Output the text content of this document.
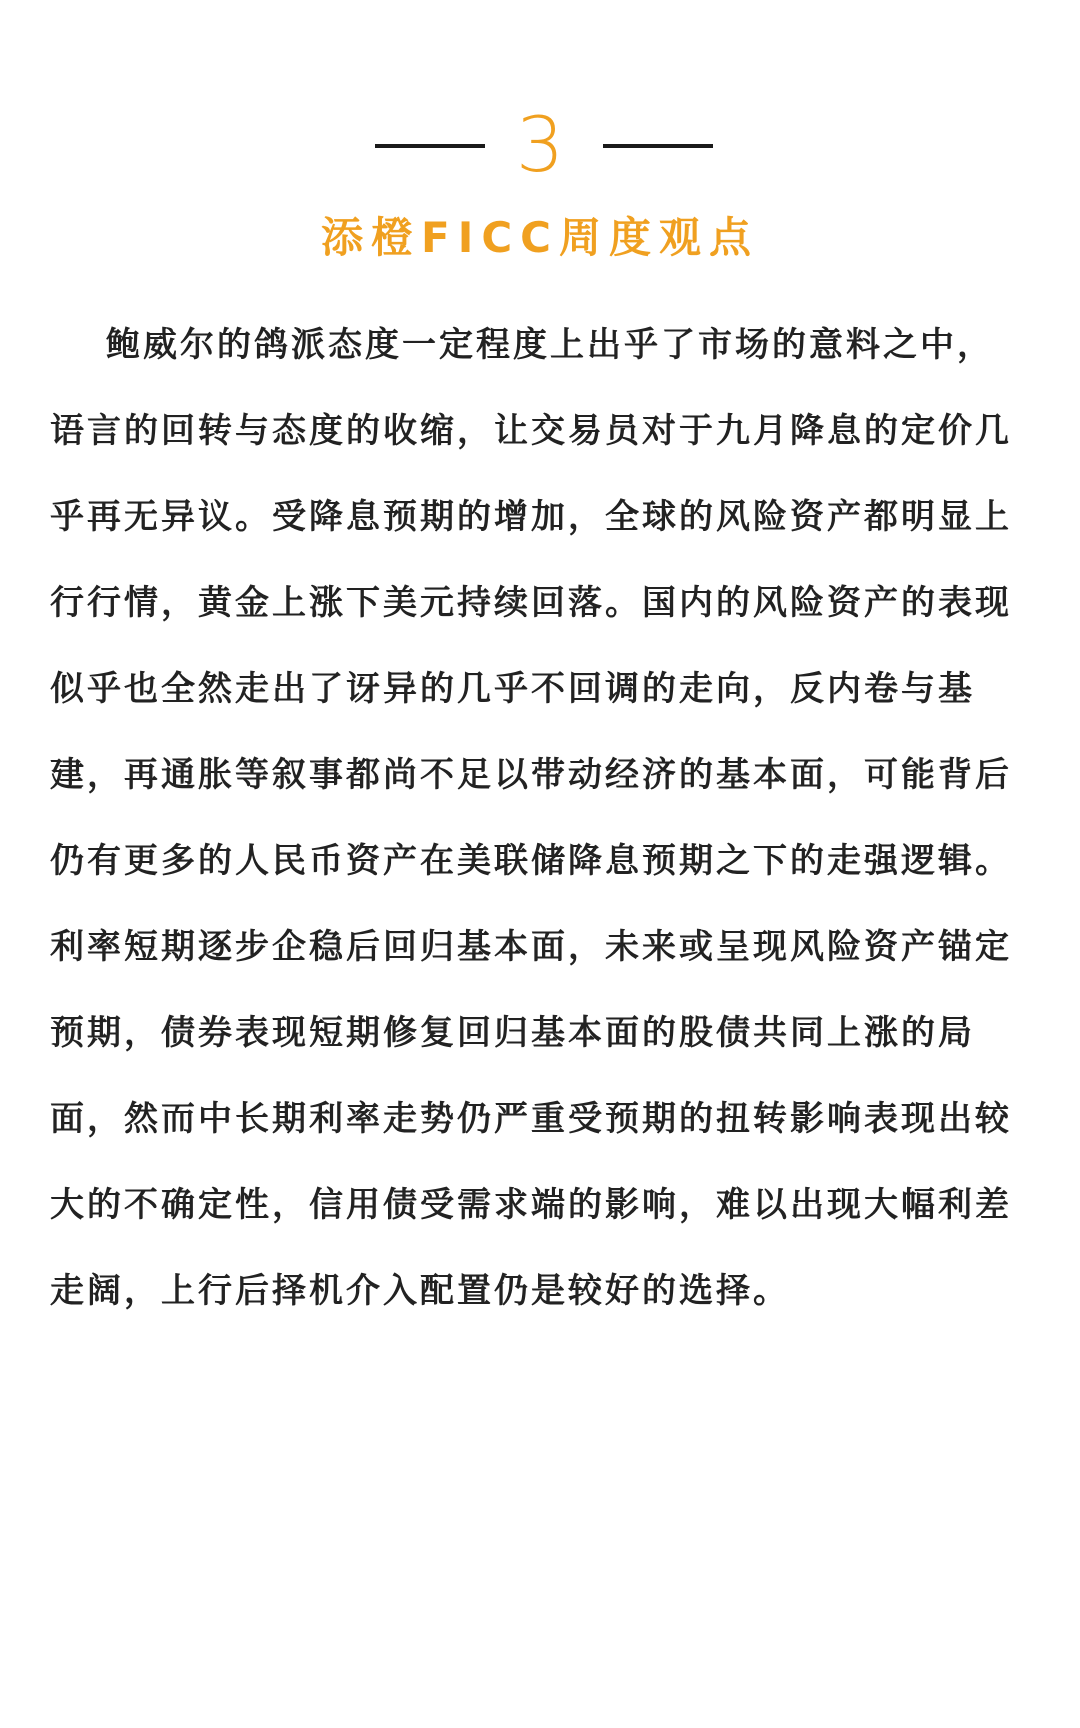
3
添橙FICC周度观点
鲍威尔的鸽派态度一定程度上出乎了市场的意料之中，
语言的回转与态度的收缩，让交易员对于九月降息的定价几
乎再无异议。受降息预期的增加，全球的风险资产都明显上
行行情，黄金上涨下美元持续回落。国内的风险资产的表现
似乎也全然走出了讶异的几乎不回调的走向，反内卷与基
建，再通胀等叙事都尚不足以带动经济的基本面，可能背后
仍有更多的人民币资产在美联储降息预期之下的走强逻辑。
利率短期逐步企稳后回归基本面，未来或呈现风险资产锚定
预期，债券表现短期修复回归基本面的股债共同上涨的局
面，然而中长期利率走势仍严重受预期的扭转影响表现出较
大的不确定性，信用债受需求端的影响，难以出现大幅利差
走阔，上行后择机介入配置仍是较好的选择。
